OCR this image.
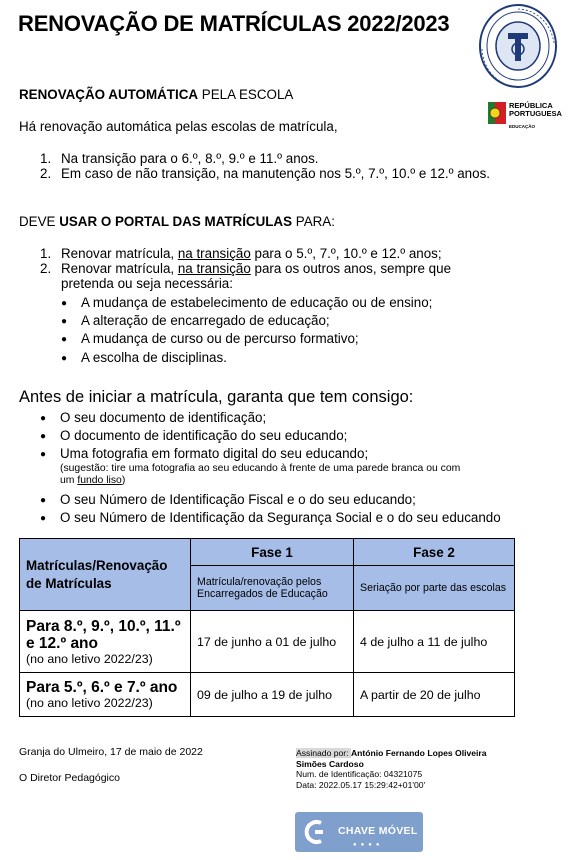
RENOVAÇÃO DE MATRÍCULAS 2022/2023
REPÚBLICA
PORTUGUESA
EDUCAÇÃO
RENOVAÇÃO AUTOMÁTICA PELA ESCOLA
Há renovação automática pelas escolas de matrícula,
1. Na transição para o 6.º, 8.º, 9.º e 11.º anos.
2. Em caso de não transição, na manutenção nos 5.º, 7.º, 10.º e 12.º anos.
DEVE USAR O PORTAL DAS MATRÍCULAS PARA:
1. Renovar matrícula, na transição para o 5.º, 7.º, 10.º e 12.º anos;
2. Renovar matrícula, na transição para os outros anos, sempre que
pretenda ou seja necessária:
● A mudança de estabelecimento de educação ou de ensino;
● A alteração de encarregado de educação;
● A mudança de curso ou de percurso formativo;
● A escolha de disciplinas.
Antes de iniciar a matrícula, garanta que tem consigo:
● O seu documento de identificação;
● O documento de identificação do seu educando;
● Uma fotografia em formato digital do seu educando;
(sugestão: tire uma fotografia ao seu educando à frente de uma parede branca ou com
um fundo liso)
● O seu Número de Identificação Fiscal e o do seu educando;
● O seu Número de Identificação da Segurança Social e o do seu educando
Matrículas/Renovação de Matrículas	Fase 1	Fase 2
	Matrícula/renovação pelos Encarregados de Educação	Seriação por parte das escolas

Para 8.º, 9.º, 10.º, 11.º e 12.º ano
(no ano letivo 2022/23)	17 de junho a 01 de julho	4 de julho a 11 de julho

Para 5.º, 6.º e 7.º ano
(no ano letivo 2022/23)	09 de julho a 19 de julho	A partir de 20 de julho
Granja do Ulmeiro, 17 de maio de 2022
O Diretor Pedagógico
Assinado por: António Fernando Lopes Oliveira Simões Cardoso
Num. de Identificação: 04321075
Data: 2022.05.17 15:29:42+01'00'
CHAVE MÓVEL
●●●●
